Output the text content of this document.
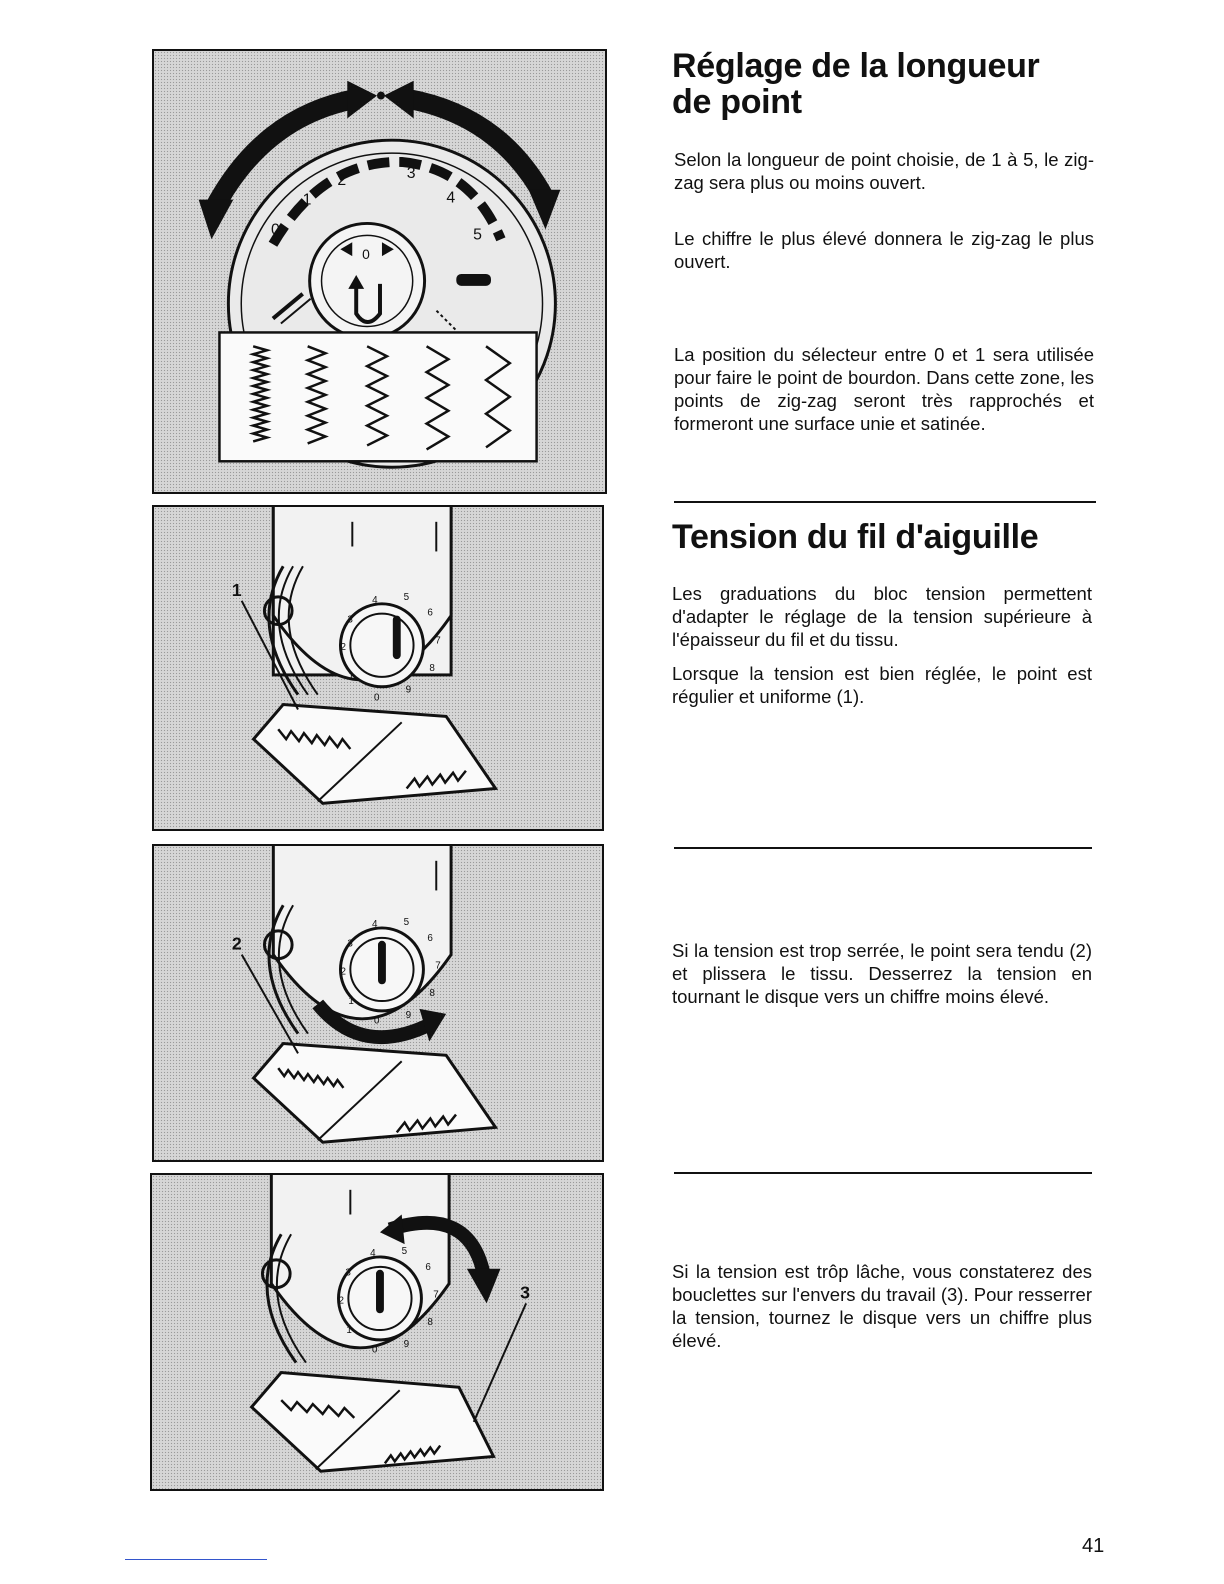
0
1
2	3
4
5
0
0
1
2
3
4	5
6
7
8
9
1
0
1
2
3
4	5
6
7
8
9
2
0
1
2
3
4	5
6
7
8
9
3
Réglage de la longueur
de point

Selon la longueur de point choisie, de 1 à 5, le zig-zag sera plus ou moins ouvert.

Le chiffre le plus élevé donnera le zig-zag le plus ouvert.

La position du sélecteur entre 0 et 1 sera utilisée pour faire le point de bourdon. Dans cette zone, les points de zig-zag seront très rapprochés et formeront une surface unie et satinée.

Tension du fil d'aiguille

Les graduations du bloc tension permettent d'adapter le réglage de la tension supérieure à l'épaisseur du fil et du tissu.

Lorsque la tension est bien réglée, le point est régulier et uniforme (1).

Si la tension est trop serrée, le point sera tendu (2) et plissera le tissu. Desserrez la tension en tournant le disque vers un chiffre moins élevé.

Si la tension est trôp lâche, vous constaterez des bouclettes sur l'envers du travail (3). Pour resserrer la tension, tournez le disque vers un chiffre plus élevé.

41
